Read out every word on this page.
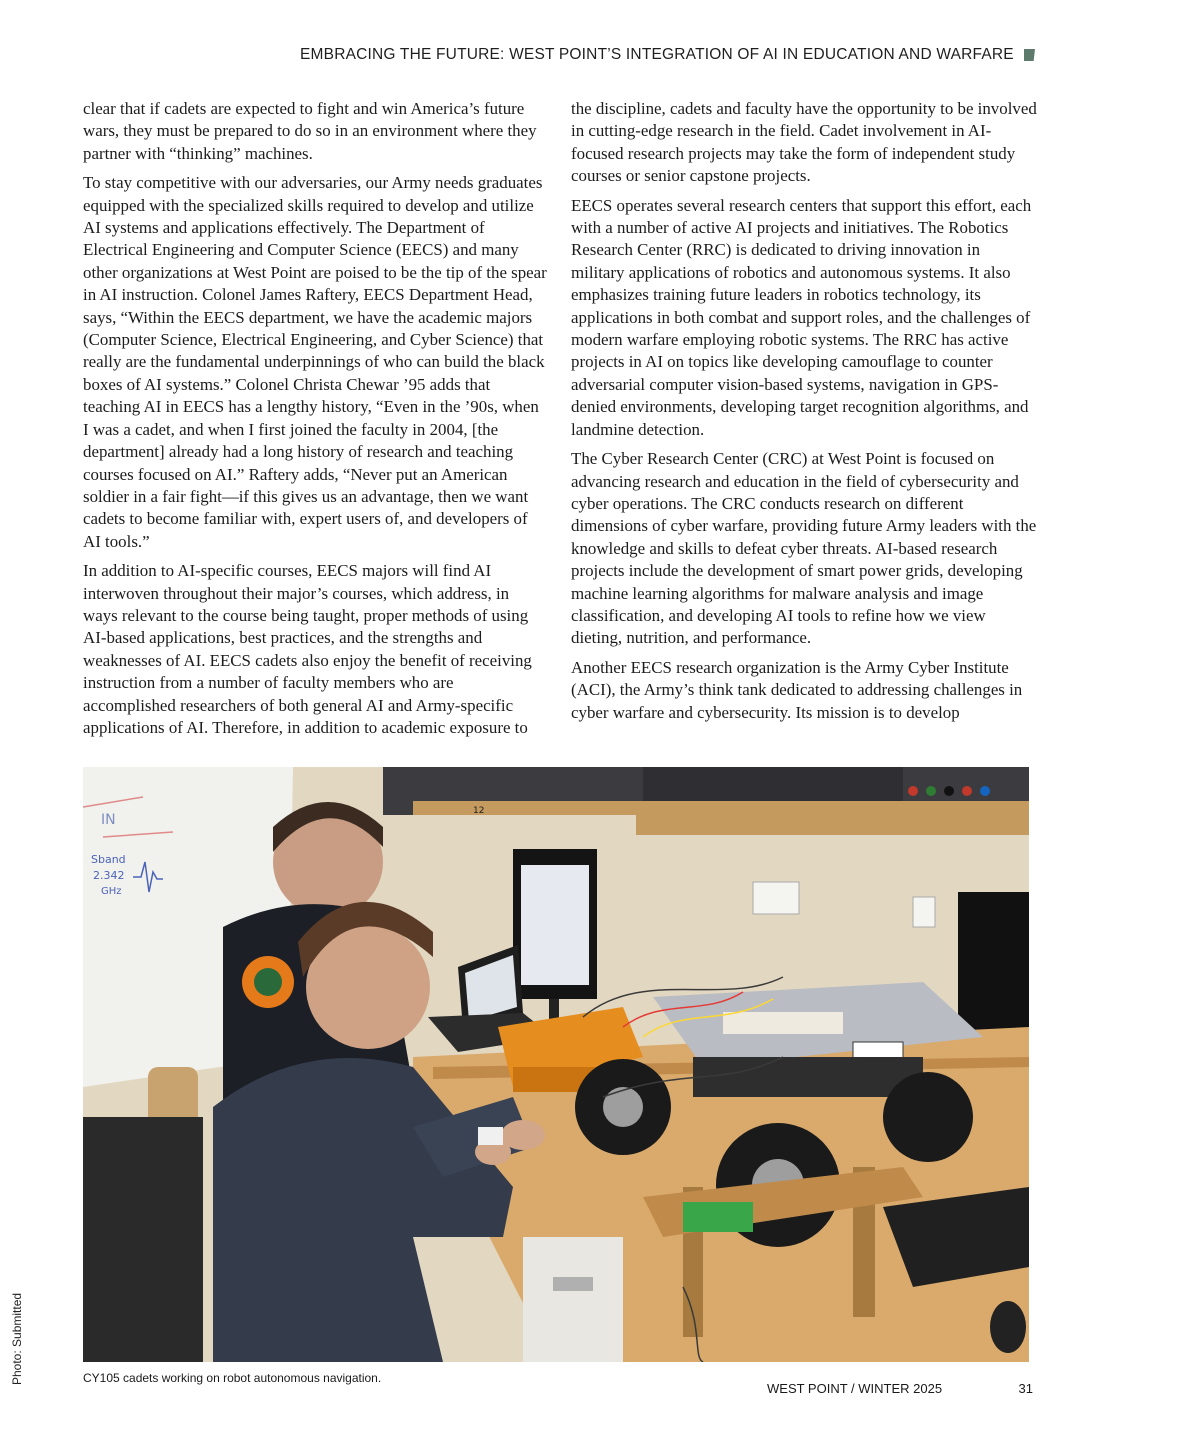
EMBRACING THE FUTURE: WEST POINT’S INTEGRATION OF AI IN EDUCATION AND WARFARE

clear that if cadets are expected to fight and win America’s future wars, they must be prepared to do so in an environment where they partner with “thinking” machines.

To stay competitive with our adversaries, our Army needs graduates equipped with the specialized skills required to develop and utilize AI systems and applications effectively. The Department of Electrical Engineering and Computer Science (EECS) and many other organizations at West Point are poised to be the tip of the spear in AI instruction. Colonel James Raftery, EECS Department Head, says, “Within the EECS department, we have the academic majors (Computer Science, Electrical Engineering, and Cyber Science) that really are the fundamental underpinnings of who can build the black boxes of AI systems.” Colonel Christa Chewar ’95 adds that teaching AI in EECS has a lengthy history, “Even in the ’90s, when I was a cadet, and when I first joined the faculty in 2004, [the department] already had a long history of research and teaching courses focused on AI.” Raftery adds, “Never put an American soldier in a fair fight—if this gives us an advantage, then we want cadets to become familiar with, expert users of, and developers of AI tools.”

In addition to AI-specific courses, EECS majors will find AI interwoven throughout their major’s courses, which address, in ways relevant to the course being taught, proper methods of using AI-based applications, best practices, and the strengths and weaknesses of AI. EECS cadets also enjoy the benefit of receiving instruction from a number of faculty members who are accomplished researchers of both general AI and Army-specific applications of AI. Therefore, in addition to academic exposure to

the discipline, cadets and faculty have the opportunity to be involved in cutting-edge research in the field. Cadet involvement in AI-focused research projects may take the form of independent study courses or senior capstone projects.

EECS operates several research centers that support this effort, each with a number of active AI projects and initiatives. The Robotics Research Center (RRC) is dedicated to driving innovation in military applications of robotics and autonomous systems. It also emphasizes training future leaders in robotics technology, its applications in both combat and support roles, and the challenges of modern warfare employing robotic systems. The RRC has active projects in AI on topics like developing camouflage to counter adversarial computer vision-based systems, navigation in GPS-denied environments, developing target recognition algorithms, and landmine detection.

The Cyber Research Center (CRC) at West Point is focused on advancing research and education in the field of cybersecurity and cyber operations. The CRC conducts research on different dimensions of cyber warfare, providing future Army leaders with the knowledge and skills to defeat cyber threats. AI-based research projects include the development of smart power grids, developing machine learning algorithms for malware analysis and image classification, and developing AI tools to refine how we view dieting, nutrition, and performance.

Another EECS research organization is the Army Cyber Institute (ACI), the Army’s think tank dedicated to addressing challenges in cyber warfare and cybersecurity. Its mission is to develop

IN
Sband
2.342
GHz
12
Photo: Submitted	CY105 cadets working on robot autonomous navigation.
WEST POINT / WINTER 2025	31
